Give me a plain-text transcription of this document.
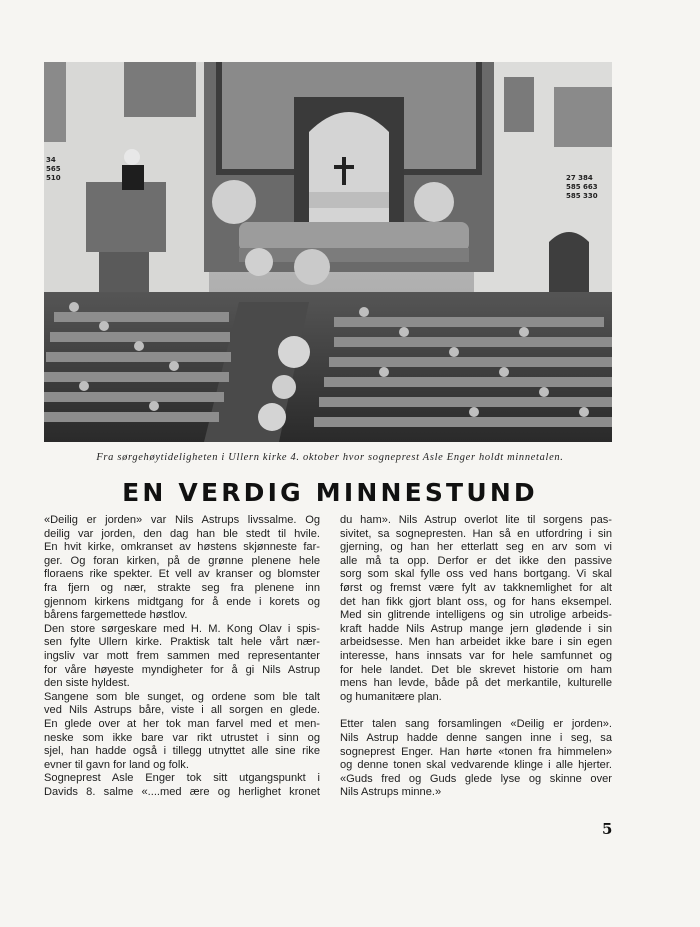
34
565
510	27 384
585 663
585 330
Fra sørgehøytideligheten i Ullern kirke 4. oktober hvor sogneprest Asle Enger holdt minnetalen.
EN VERDIG MINNESTUND
«Deilig er jorden» var Nils Astrups livssalme. Og
deilig var jorden, den dag han ble stedt til hvile.
En hvit kirke, omkranset av høstens skjønneste far-
ger. Og foran kirken, på de grønne plenene hele
floraens rike spekter. Et vell av kranser og blomster
fra fjern og nær, strakte seg fra plenene inn
gjennom kirkens midtgang for å ende i korets og
bårens fargemettede høstlov.
Den store sørgeskare med H. M. Kong Olav i spis-
sen fylte Ullern kirke. Praktisk talt hele vårt nær-
ingsliv var mott frem sammen med representanter
for våre høyeste myndigheter for å gi Nils Astrup
den siste hyldest.
Sangene som ble sunget, og ordene som ble talt
ved Nils Astrups båre, viste i all sorgen en glede.
En glede over at her tok man farvel med et men-
neske som ikke bare var rikt utrustet i sinn og
sjel, han hadde også i tillegg utnyttet alle sine rike
evner til gavn for land og folk.
Sogneprest Asle Enger tok sitt utgangspunkt i
Davids 8. salme «....med ære og herlighet kronet
du ham». Nils Astrup overlot lite til sorgens pas-
sivitet, sa sognepresten. Han så en utfordring i sin
gjerning, og han her etterlatt seg en arv som vi
alle må ta opp. Derfor er det ikke den passive
sorg som skal fylle oss ved hans bortgang. Vi skal
først og fremst være fylt av takknemlighet for alt
det han fikk gjort blant oss, og for hans eksempel.
Med sin glitrende intelligens og sin utrolige arbeids-
kraft hadde Nils Astrup mange jern glødende i sin
arbeidsesse. Men han arbeidet ikke bare i sin egen
interesse, hans innsats var for hele samfunnet og
for hele landet. Det ble skrevet historie om ham
mens han levde, både på det merkantile, kulturelle
og humanitære plan.
Etter talen sang forsamlingen «Deilig er jorden».
Nils Astrup hadde denne sangen inne i seg, sa
sogneprest Enger. Han hørte «tonen fra himmelen»
og denne tonen skal vedvarende klinge i alle hjerter.
«Guds fred og Guds glede lyse og skinne over
Nils Astrups minne.»
5
